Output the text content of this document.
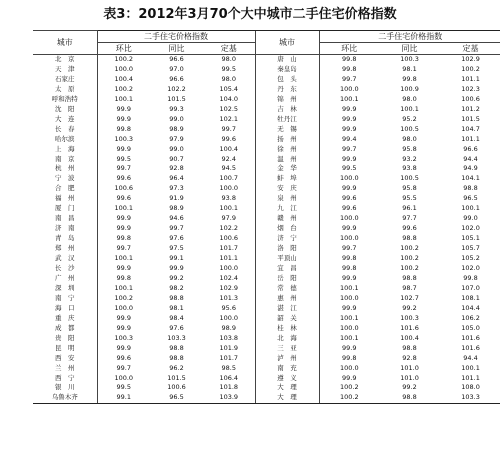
表3：2012年3月70个大中城市二手住宅价格指数
城市	二手住宅价格指数			城市	二手住宅价格指数		
	环比	同比	定基		环比	同比	定基
北　京	100.2	96.6	98.0	唐　山	99.8	100.3	102.9
天　津	100.0	97.0	99.5	秦皇岛	99.8	98.1	100.2
石家庄	100.4	96.6	98.0	包　头	99.7	99.8	101.1
太　原	100.2	102.2	105.4	丹　东	100.0	100.9	102.3
呼和浩特	100.1	101.5	104.0	锦　州	100.1	98.0	100.6
沈　阳	99.9	99.3	102.5	吉　林	99.9	100.1	101.2
大　连	99.9	99.0	102.1	牡丹江	99.9	95.2	101.5
长　春	99.8	98.9	99.7	无　锡	99.9	100.5	104.7
哈尔滨	100.3	97.9	99.6	扬　州	99.4	98.0	101.1
上　海	99.9	99.0	100.4	徐　州	99.7	95.8	96.6
南　京	99.5	90.7	92.4	温　州	99.9	93.2	94.4
杭　州	99.7	92.8	94.5	金　华	99.5	93.8	94.9
宁　波	99.6	96.4	100.7	蚌　埠	100.0	100.5	104.1
合　肥	100.6	97.3	100.0	安　庆	99.9	95.8	98.8
福　州	99.6	91.9	93.8	泉　州	99.6	95.5	96.5
厦　门	100.1	98.9	100.1	九　江	99.6	96.1	100.1
南　昌	99.9	94.6	97.9	赣　州	100.0	97.7	99.0
济　南	99.9	99.7	102.2	烟　台	99.9	99.6	102.0
青　岛	99.8	97.6	100.6	济　宁	100.0	98.8	105.1
郑　州	99.7	97.5	101.7	洛　阳	99.7	100.2	105.7
武　汉	100.1	99.1	101.1	平顶山	99.8	100.2	105.2
长　沙	99.9	99.9	100.0	宜　昌	99.8	100.2	102.0
广　州	99.8	99.2	102.4	岳　阳	99.9	98.8	99.8
深　圳	100.1	98.2	102.9	常　德	100.1	98.7	107.0
南　宁	100.2	98.8	101.3	惠　州	100.0	102.7	108.1
海　口	100.0	98.1	95.6	湛　江	99.9	99.2	104.4
重　庆	99.9	98.4	100.0	韶　关	100.1	100.3	106.2
成　都	99.9	97.6	98.9	桂　林	100.0	101.6	105.0
贵　阳	100.3	103.3	103.8	北　海	100.1	100.4	101.6
昆　明	99.9	98.8	101.9	三　亚	99.9	98.8	101.6
西　安	99.6	98.8	101.7	泸　州	99.8	92.8	94.4
兰　州	99.7	96.2	98.5	南　充	100.0	101.0	100.1
西　宁	100.0	101.5	106.4	遵　义	99.9	101.0	101.1
银　川	99.5	100.6	101.8	大　理	100.2	99.2	108.0
乌鲁木齐	99.1	96.5	103.9	大　理	100.2	98.8	103.3
